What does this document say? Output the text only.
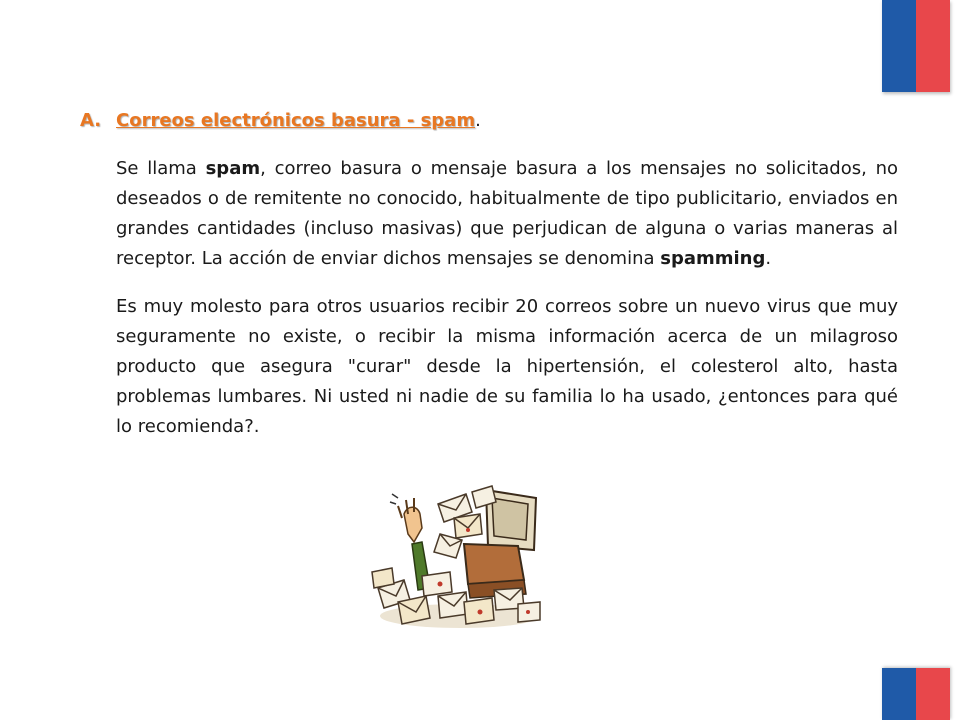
A. Correos electrónicos basura - spam.

Se llama spam, correo basura o mensaje basura a los mensajes no solicitados, no deseados o de remitente no conocido, habitualmente de tipo publicitario, enviados en grandes cantidades (incluso masivas) que perjudican de alguna o varias maneras al receptor. La acción de enviar dichos mensajes se denomina spamming.

Es muy molesto para otros usuarios recibir 20 correos sobre un nuevo virus que muy seguramente no existe, o recibir la misma información acerca de un milagroso producto que asegura "curar" desde la hipertensión, el colesterol alto, hasta problemas lumbares. Ni usted ni nadie de su familia lo ha usado, ¿entonces para qué lo recomienda?.
